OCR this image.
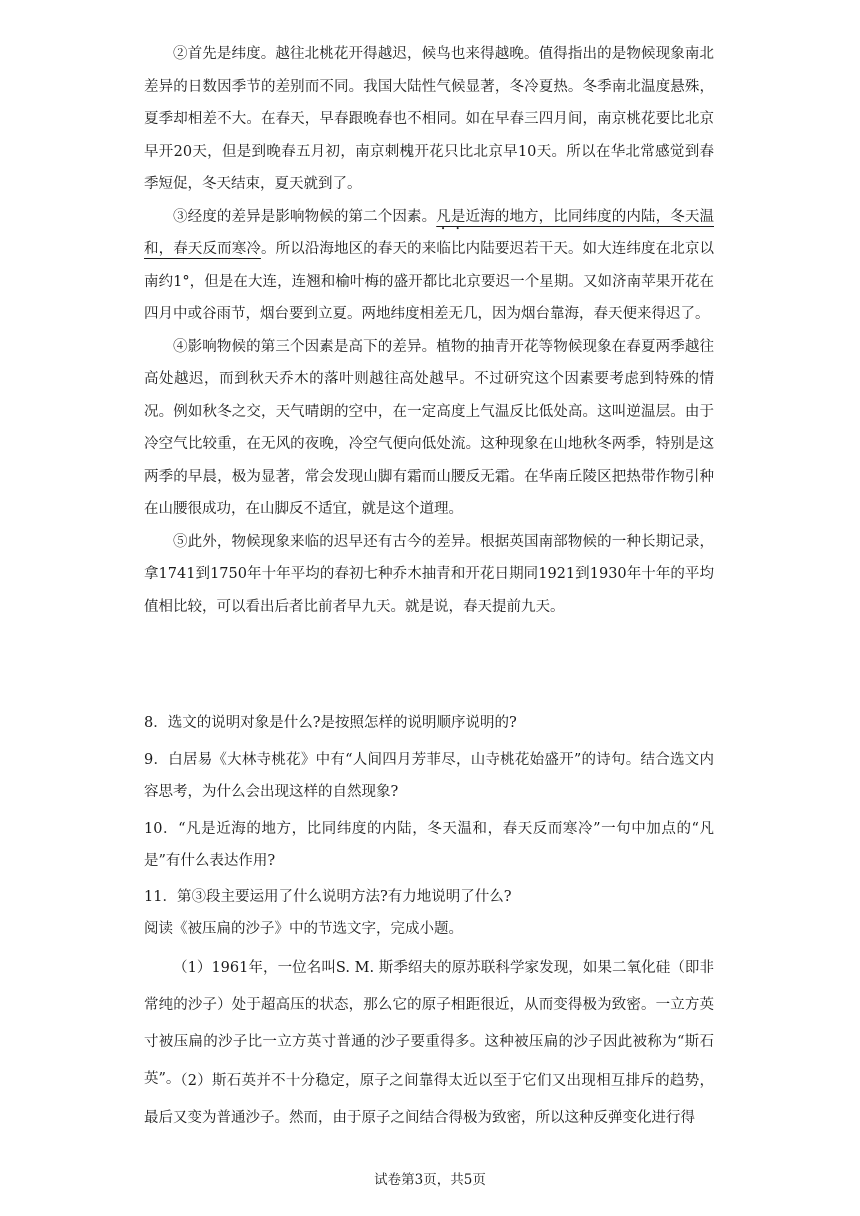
②首先是纬度。越往北桃花开得越迟，候鸟也来得越晚。值得指出的是物候现象南北差异的日数因季节的差别而不同。我国大陆性气候显著，冬冷夏热。冬季南北温度悬殊，夏季却相差不大。在春天，早春跟晚春也不相同。如在早春三四月间，南京桃花要比北京早开20天，但是到晚春五月初，南京刺槐开花只比北京早10天。所以在华北常感觉到春季短促，冬天结束，夏天就到了。

③经度的差异是影响物候的第二个因素。凡是近海的地方，比同纬度的内陆，冬天温和，春天反而寒冷。所以沿海地区的春天的来临比内陆要迟若干天。如大连纬度在北京以南约1°，但是在大连，连翘和榆叶梅的盛开都比北京要迟一个星期。又如济南苹果开花在四月中或谷雨节，烟台要到立夏。两地纬度相差无几，因为烟台靠海，春天便来得迟了。

④影响物候的第三个因素是高下的差异。植物的抽青开花等物候现象在春夏两季越往高处越迟，而到秋天乔木的落叶则越往高处越早。不过研究这个因素要考虑到特殊的情况。例如秋冬之交，天气晴朗的空中，在一定高度上气温反比低处高。这叫逆温层。由于冷空气比较重，在无风的夜晚，冷空气便向低处流。这种现象在山地秋冬两季，特别是这两季的早晨，极为显著，常会发现山脚有霜而山腰反无霜。在华南丘陵区把热带作物引种在山腰很成功，在山脚反不适宜，就是这个道理。

⑤此外，物候现象来临的迟早还有古今的差异。根据英国南部物候的一种长期记录，拿1741到1750年十年平均的春初七种乔木抽青和开花日期同1921到1930年十年的平均值相比较，可以看出后者比前者早九天。就是说，春天提前九天。

8．选文的说明对象是什么?是按照怎样的说明顺序说明的?

9．白居易《大林寺桃花》中有“人间四月芳菲尽，山寺桃花始盛开”的诗句。结合选文内容思考，为什么会出现这样的自然现象?

10．“凡是近海的地方，比同纬度的内陆，冬天温和，春天反而寒冷”一句中加点的“凡是”有什么表达作用?

11．第③段主要运用了什么说明方法?有力地说明了什么?

阅读《被压扁的沙子》中的节选文字，完成小题。

（1）1961年，一位名叫S. M. 斯季绍夫的原苏联科学家发现，如果二氧化硅（即非常纯的沙子）处于超高压的状态，那么它的原子相距很近，从而变得极为致密。一立方英寸被压扁的沙子比一立方英寸普通的沙子要重得多。这种被压扁的沙子因此被称为“斯石英”。

（2）斯石英并不十分稳定，原子之间靠得太近以至于它们又出现相互排斥的趋势，最后又变为普通沙子。然而，由于原子之间结合得极为致密，所以这种反弹变化进行得

试卷第3页，共5页
